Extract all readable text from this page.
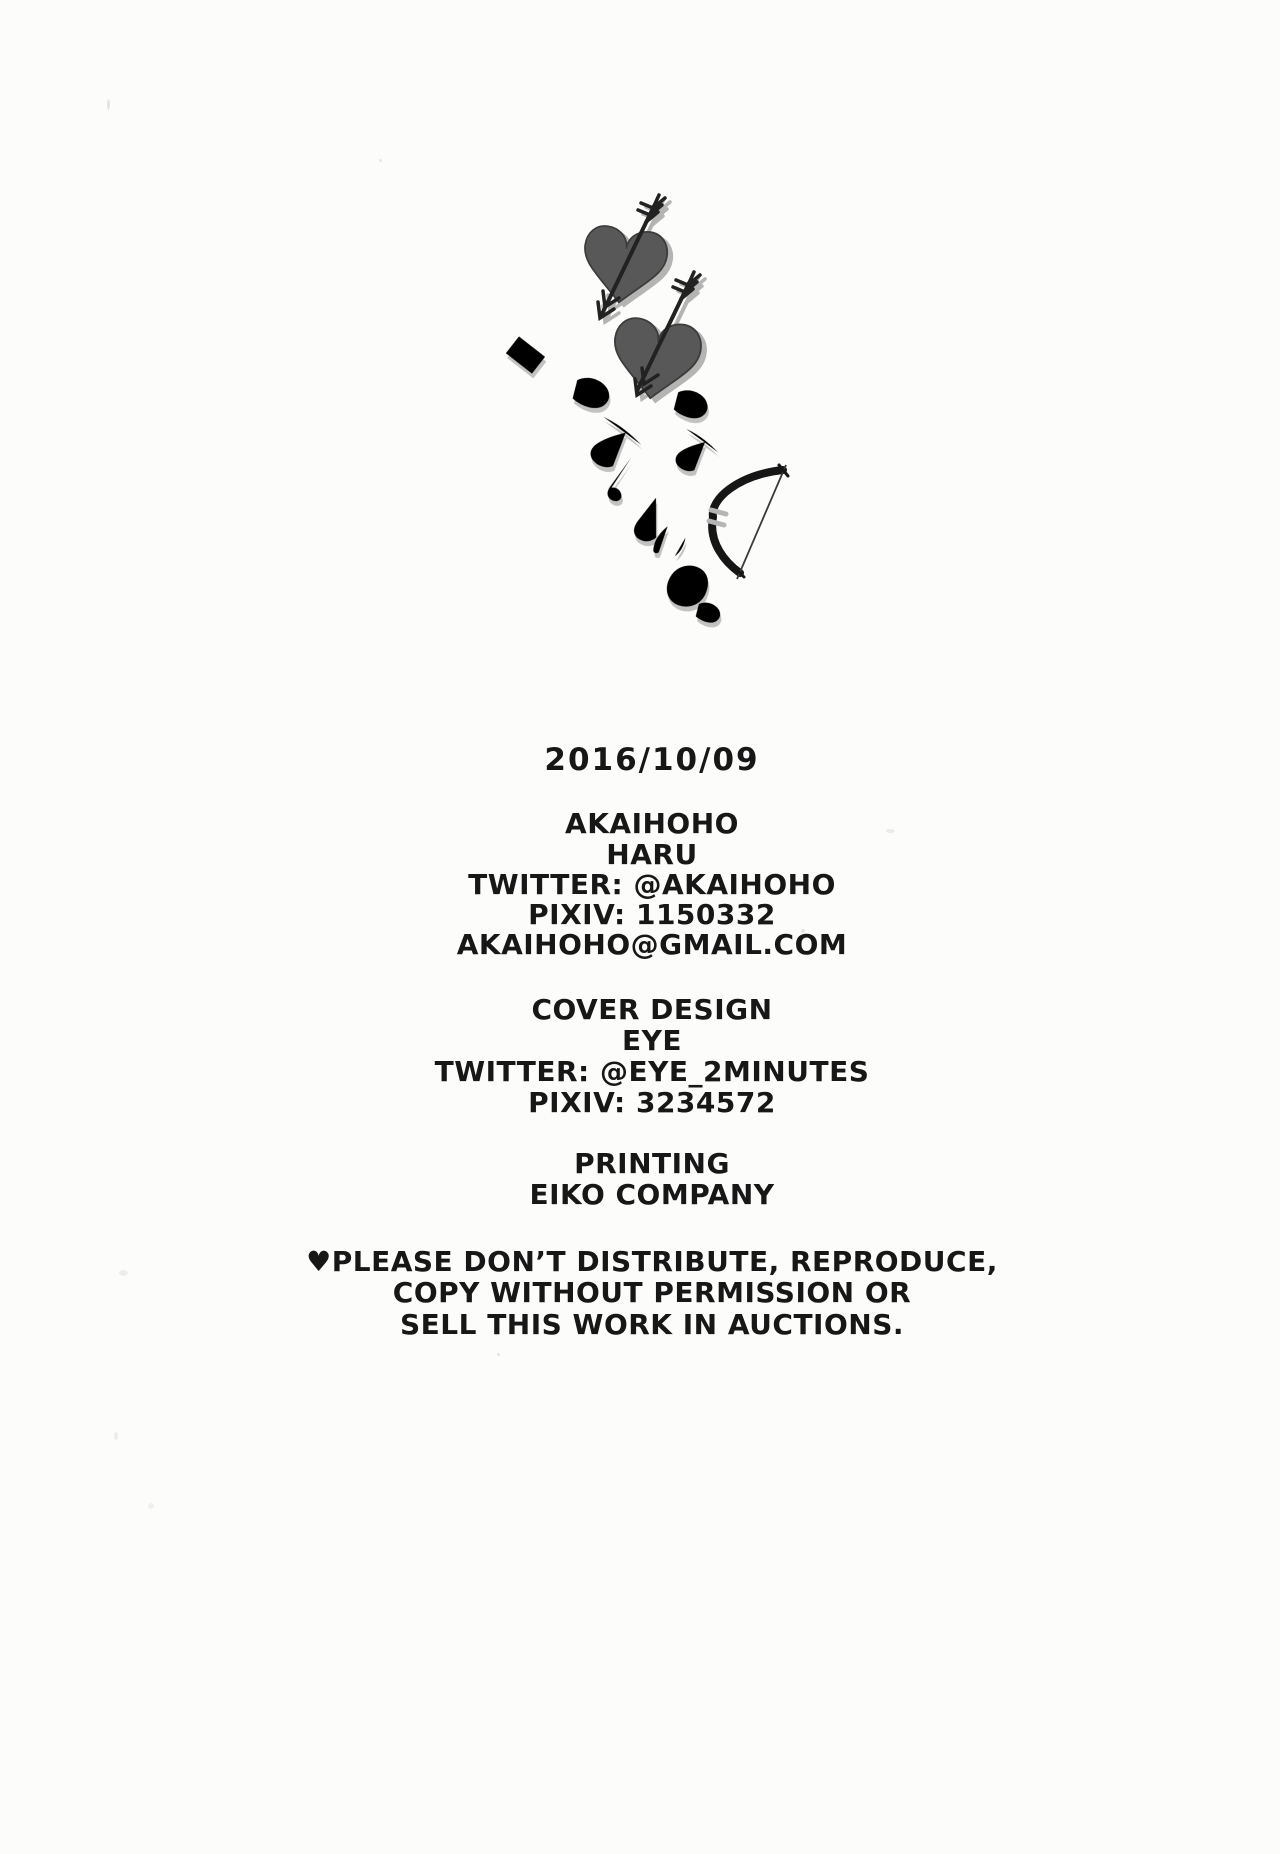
2016/10/09
AKAIHOHO
HARU
TWITTER: @AKAIHOHO
PIXIV: 1150332
AKAIHOHO@GMAIL.COM
COVER DESIGN
EYE
TWITTER: @EYE_2MINUTES
PIXIV: 3234572
PRINTING
EIKO COMPANY
♥PLEASE DON’T DISTRIBUTE, REPRODUCE,
COPY WITHOUT PERMISSION OR
SELL THIS WORK IN AUCTIONS.
